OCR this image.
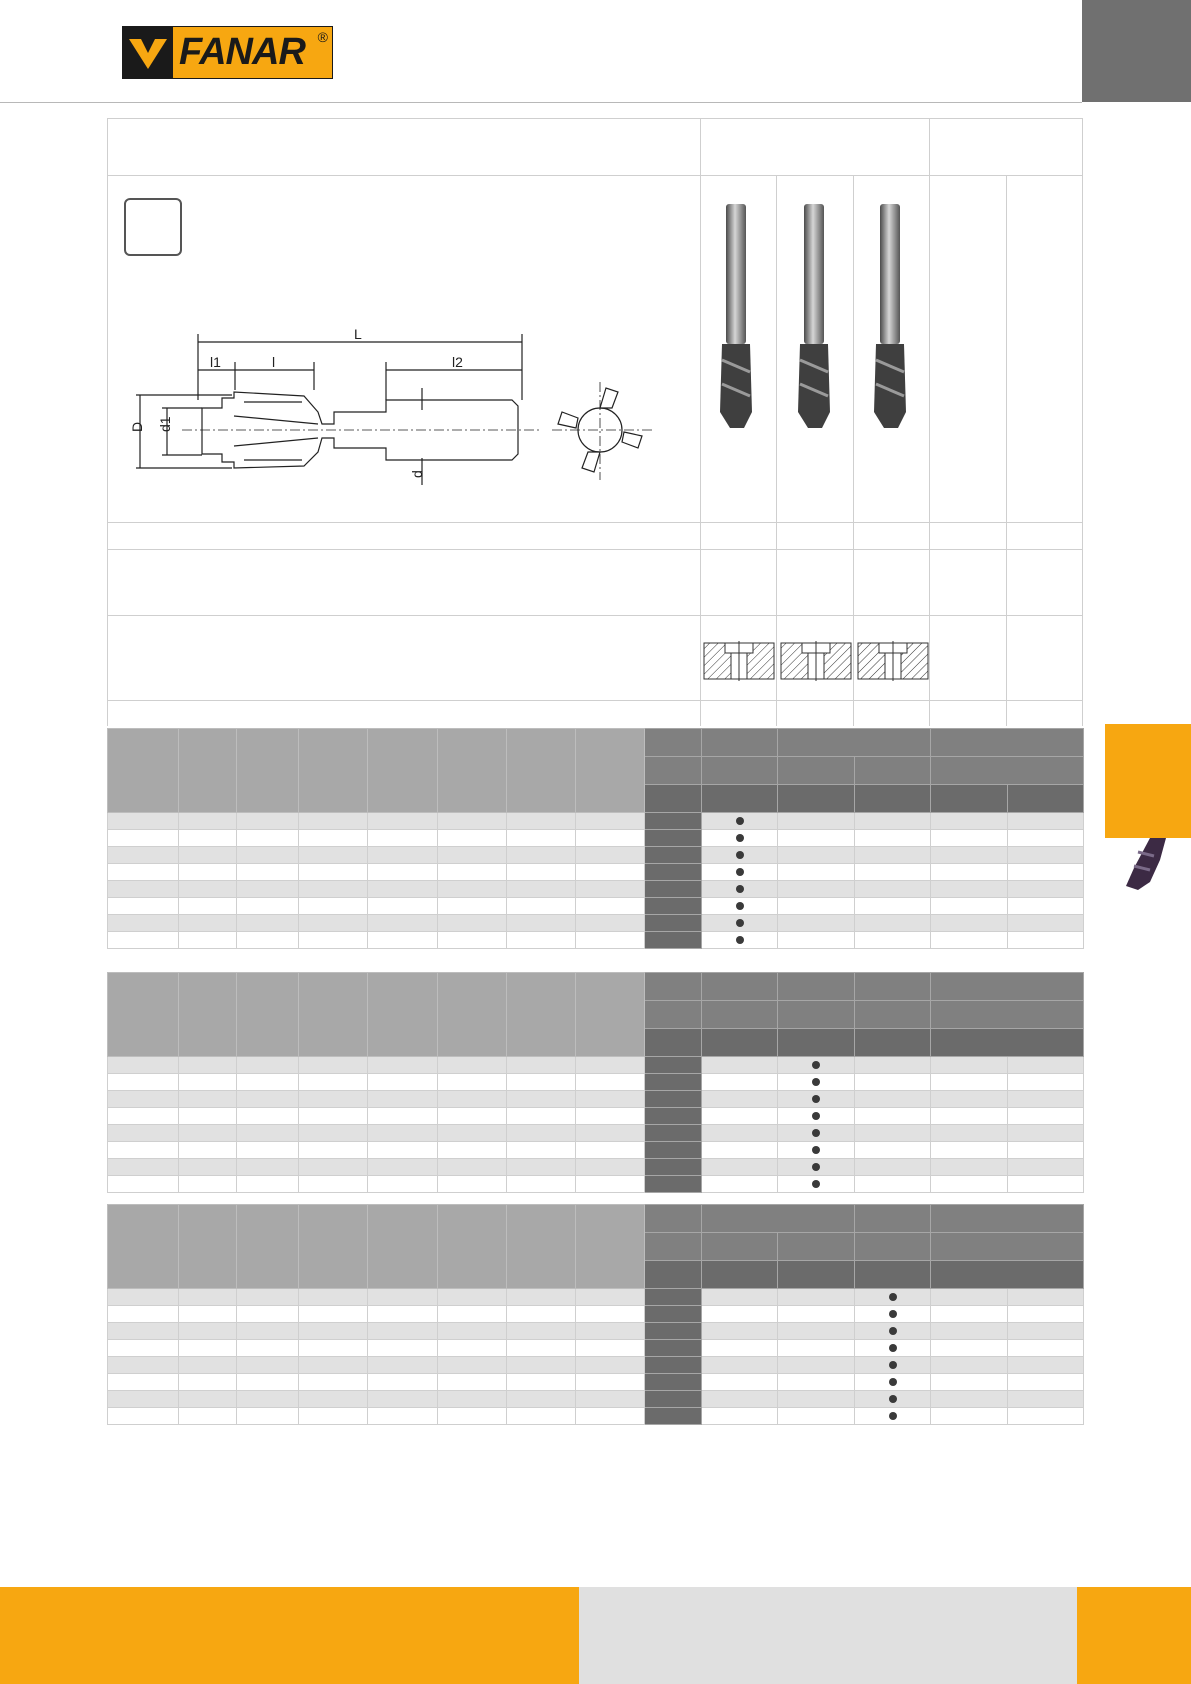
FANAR ®
L
l1	l	l2
D d1
d
